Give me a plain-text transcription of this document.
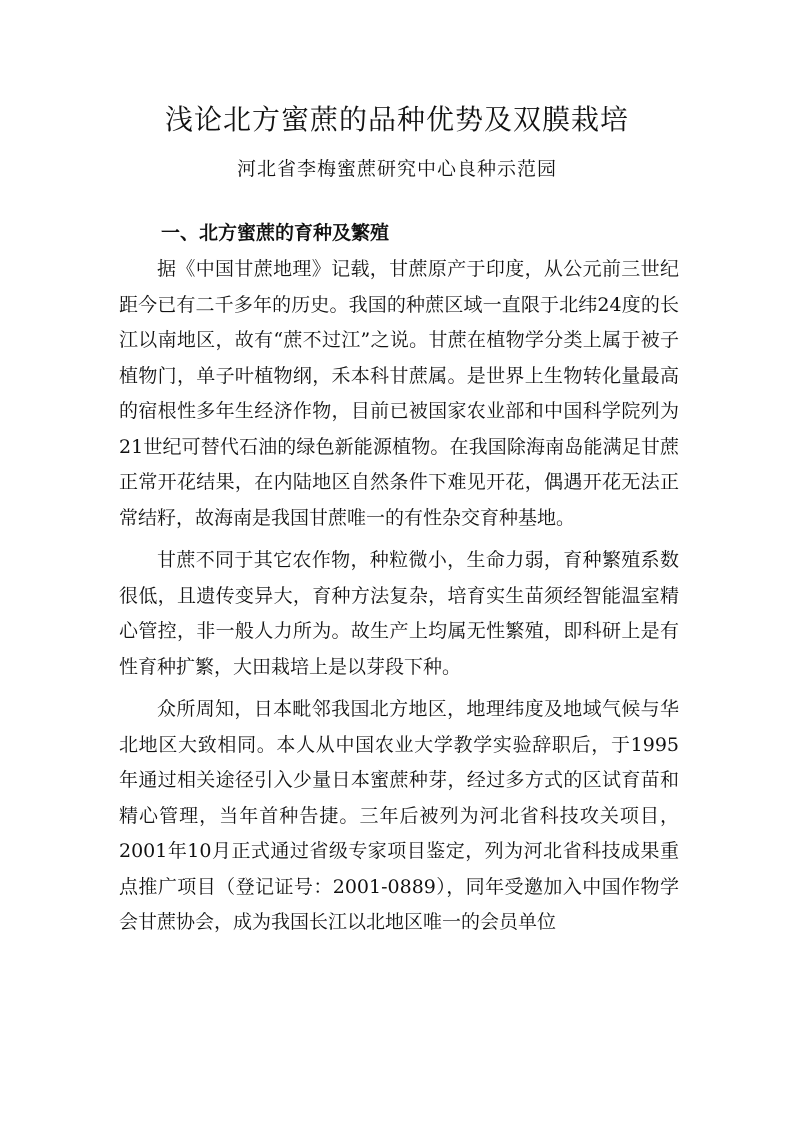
浅论北方蜜蔗的品种优势及双膜栽培
河北省李梅蜜蔗研究中心良种示范园
一、北方蜜蔗的育种及繁殖

据《中国甘蔗地理》记载，甘蔗原产于印度，从公元前三世纪距今已有二千多年的历史。我国的种蔗区域一直限于北纬24度的长江以南地区，故有“蔗不过江”之说。甘蔗在植物学分类上属于被子植物门，单子叶植物纲，禾本科甘蔗属。是世界上生物转化量最高的宿根性多年生经济作物，目前已被国家农业部和中国科学院列为21世纪可替代石油的绿色新能源植物。在我国除海南岛能满足甘蔗正常开花结果，在内陆地区自然条件下难见开花，偶遇开花无法正常结籽，故海南是我国甘蔗唯一的有性杂交育种基地。

甘蔗不同于其它农作物，种粒微小，生命力弱，育种繁殖系数很低，且遗传变异大，育种方法复杂，培育实生苗须经智能温室精心管控，非一般人力所为。故生产上均属无性繁殖，即科研上是有性育种扩繁，大田栽培上是以芽段下种。

众所周知，日本毗邻我国北方地区，地理纬度及地域气候与华北地区大致相同。本人从中国农业大学教学实验辞职后，于1995年通过相关途径引入少量日本蜜蔗种芽，经过多方式的区试育苗和精心管理，当年首种告捷。三年后被列为河北省科技攻关项目，2001年10月正式通过省级专家项目鉴定，列为河北省科技成果重点推广项目（登记证号：2001-0889），同年受邀加入中国作物学会甘蔗协会，成为我国长江以北地区唯一的会员单位
